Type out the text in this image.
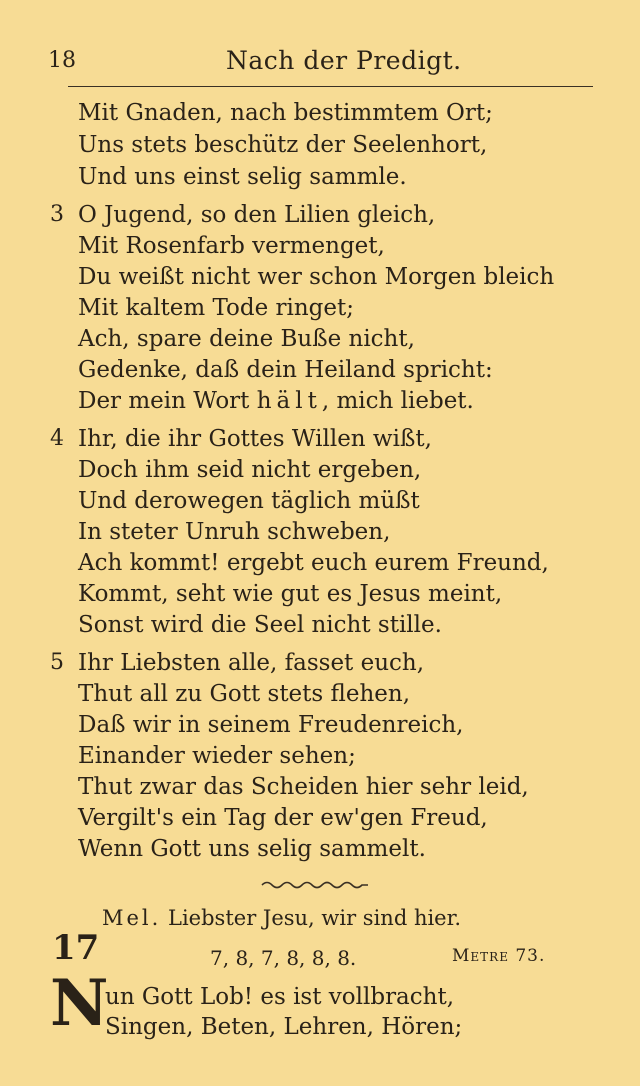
18	Nach der Predigt.
Mit Gnaden, nach bestimmtem Ort;
Uns stets beschütz der Seelenhort,
Und uns einst selig sammle.
3 O Jugend, so den Lilien gleich,
Mit Rosenfarb vermenget,
Du weißt nicht wer schon Morgen bleich
Mit kaltem Tode ringet;
Ach, spare deine Buße nicht,
Gedenke, daß dein Heiland spricht:
Der mein Wort hält, mich liebet.
4 Ihr, die ihr Gottes Willen wißt,
Doch ihm seid nicht ergeben,
Und derowegen täglich müßt
In steter Unruh schweben,
Ach kommt! ergebt euch eurem Freund,
Kommt, seht wie gut es Jesus meint,
Sonst wird die Seel nicht stille.
5 Ihr Liebsten alle, fasset euch,
Thut all zu Gott stets flehen,
Daß wir in seinem Freudenreich,
Einander wieder sehen;
Thut zwar das Scheiden hier sehr leid,
Vergilt's ein Tag der ew'gen Freud,
Wenn Gott uns selig sammelt.
Mel. Liebster Jesu, wir sind hier.
17	7, 8, 7, 8, 8, 8.	Metre 73.
N
un Gott Lob! es ist vollbracht,
Singen, Beten, Lehren, Hören;
